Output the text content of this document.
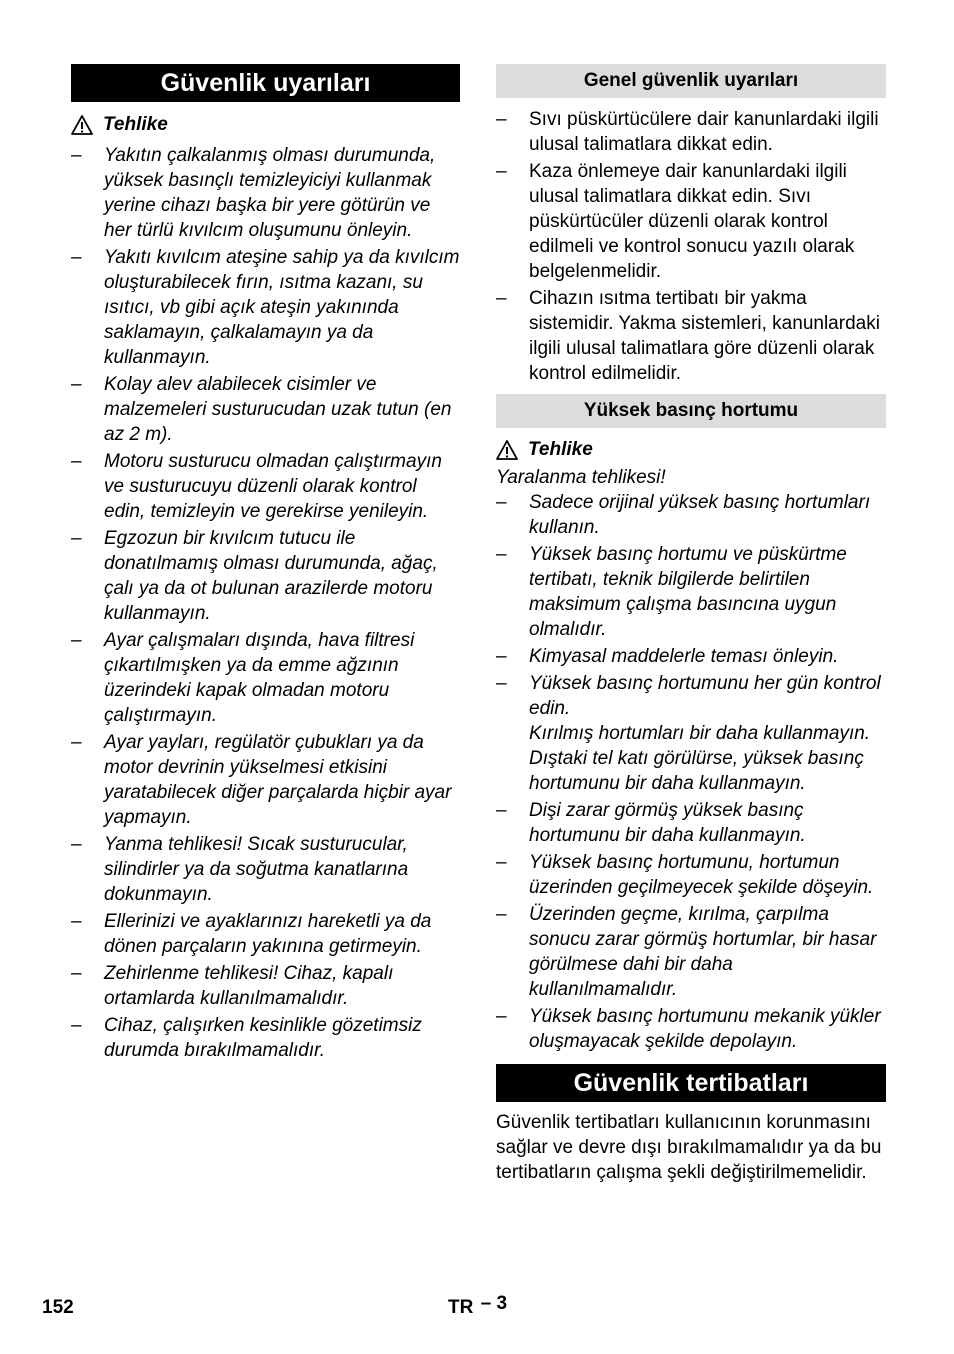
Güvenlik uyarıları
Tehlike
– Yakıtın çalkalanmış olması durumunda, yüksek basınçlı temizleyiciyi kullanmak yerine cihazı başka bir yere götürün ve her türlü kıvılcım oluşumunu önleyin.
– Yakıtı kıvılcım ateşine sahip ya da kıvılcım oluşturabilecek fırın, ısıtma kazanı, su ısıtıcı, vb gibi açık ateşin yakınında saklamayın, çalkalamayın ya da kullanmayın.
– Kolay alev alabilecek cisimler ve malzemeleri susturucudan uzak tutun (en az 2 m).
– Motoru susturucu olmadan çalıştırmayın ve susturucuyu düzenli olarak kontrol edin, temizleyin ve gerekirse yenileyin.
– Egzozun bir kıvılcım tutucu ile donatılmamış olması durumunda, ağaç, çalı ya da ot bulunan arazilerde motoru kullanmayın.
– Ayar çalışmaları dışında, hava filtresi çıkartılmışken ya da emme ağzının üzerindeki kapak olmadan motoru çalıştırmayın.
– Ayar yayları, regülatör çubukları ya da motor devrinin yükselmesi etkisini yaratabilecek diğer parçalarda hiçbir ayar yapmayın.
– Yanma tehlikesi! Sıcak susturucular, silindirler ya da soğutma kanatlarına dokunmayın.
– Ellerinizi ve ayaklarınızı hareketli ya da dönen parçaların yakınına getirmeyin.
– Zehirlenme tehlikesi! Cihaz, kapalı ortamlarda kullanılmamalıdır.
– Cihaz, çalışırken kesinlikle gözetimsiz durumda bırakılmamalıdır.
Genel güvenlik uyarıları
– Sıvı püskürtücülere dair kanunlardaki ilgili ulusal talimatlara dikkat edin.
– Kaza önlemeye dair kanunlardaki ilgili ulusal talimatlara dikkat edin. Sıvı püskürtücüler düzenli olarak kontrol edilmeli ve kontrol sonucu yazılı olarak belgelenmelidir.
– Cihazın ısıtma tertibatı bir yakma sistemidir. Yakma sistemleri, kanunlardaki ilgili ulusal talimatlara göre düzenli olarak kontrol edilmelidir.
Yüksek basınç hortumu
Tehlike
Yaralanma tehlikesi!
– Sadece orijinal yüksek basınç hortumları kullanın.
– Yüksek basınç hortumu ve püskürtme tertibatı, teknik bilgilerde belirtilen maksimum çalışma basıncına uygun olmalıdır.
– Kimyasal maddelerle teması önleyin.
– Yüksek basınç hortumunu her gün kontrol edin.
Kırılmış hortumları bir daha kullanmayın.
Dıştaki tel katı görülürse, yüksek basınç hortumunu bir daha kullanmayın.
– Dişi zarar görmüş yüksek basınç hortumunu bir daha kullanmayın.
– Yüksek basınç hortumunu, hortumun üzerinden geçilmeyecek şekilde döşeyin.
– Üzerinden geçme, kırılma, çarpılma sonucu zarar görmüş hortumlar, bir hasar görülmese dahi bir daha kullanılmamalıdır.
– Yüksek basınç hortumunu mekanik yükler oluşmayacak şekilde depolayın.
Güvenlik tertibatları

Güvenlik tertibatları kullanıcının korunmasını sağlar ve devre dışı bırakılmamalıdır ya da bu tertibatların çalışma şekli değiştirilmemelidir.

152	TR – 3
